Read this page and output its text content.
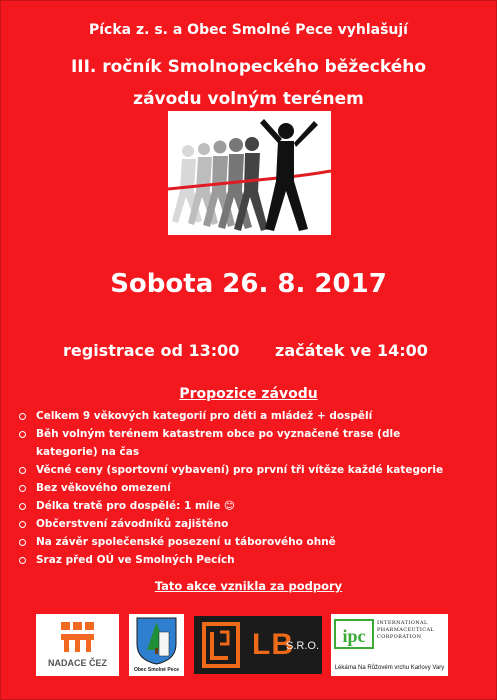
Pícka z. s. a Obec Smolné Pece vyhlašují
III. ročník Smolnopeckého běžeckého
závodu volným terénem
Sobota 26. 8. 2017
registrace od 13:00 začátek ve 14:00
Propozice závodu
Celkem 9 věkových kategorií pro děti a mládež + dospělí
Běh volným terénem katastrem obce po vyznačené trase (dle
kategorie) na čas
Věcné ceny (sportovní vybavení) pro první tři vítěze každé kategorie
Bez věkového omezení
Délka tratě pro dospělé: 1 míle 😊
Občerstvení závodníků zajištěno
Na závěr společenské posezení u táborového ohně
Sraz před OÚ ve Smolných Pecích
Tato akce vznikla za podpory
NADACE ČEZ
Obec Smolné Pece
LB
S.R.O. ipc
INTERNATIONAL PHARMACEUTICAL CORPORATION
Lékárna Na Růžovém vrchu Karlovy Vary
